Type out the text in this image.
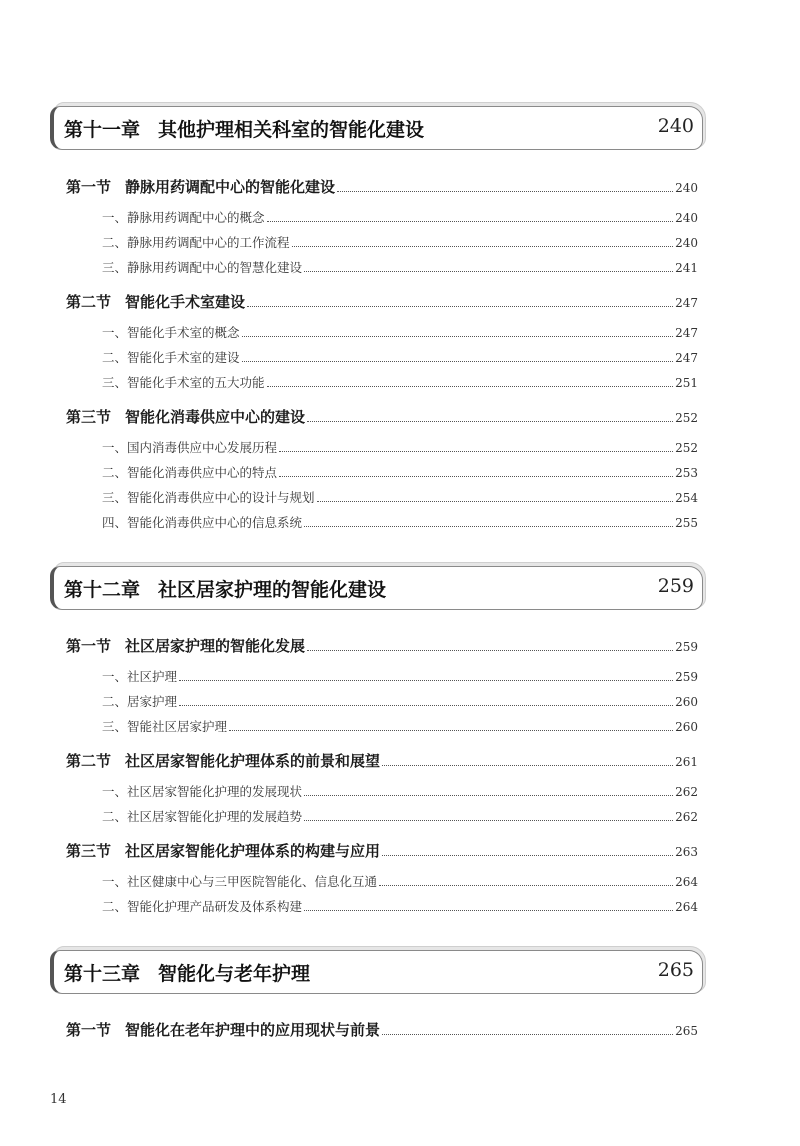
第十一章 其他护理相关科室的智能化建设	240
第一节 静脉用药调配中心的智能化建设	240
一、静脉用药调配中心的概念	240
二、静脉用药调配中心的工作流程	240
三、静脉用药调配中心的智慧化建设	241
第二节 智能化手术室建设	247
一、智能化手术室的概念	247
二、智能化手术室的建设	247
三、智能化手术室的五大功能	251
第三节 智能化消毒供应中心的建设	252
一、国内消毒供应中心发展历程	252
二、智能化消毒供应中心的特点	253
三、智能化消毒供应中心的设计与规划	254
四、智能化消毒供应中心的信息系统	255
第十二章 社区居家护理的智能化建设	259
第一节 社区居家护理的智能化发展	259
一、社区护理	259
二、居家护理	260
三、智能社区居家护理	260
第二节 社区居家智能化护理体系的前景和展望	261
一、社区居家智能化护理的发展现状	262
二、社区居家智能化护理的发展趋势	262
第三节 社区居家智能化护理体系的构建与应用	263
一、社区健康中心与三甲医院智能化、信息化互通	264
二、智能化护理产品研发及体系构建	264
第十三章 智能化与老年护理	265
第一节 智能化在老年护理中的应用现状与前景	265
14
